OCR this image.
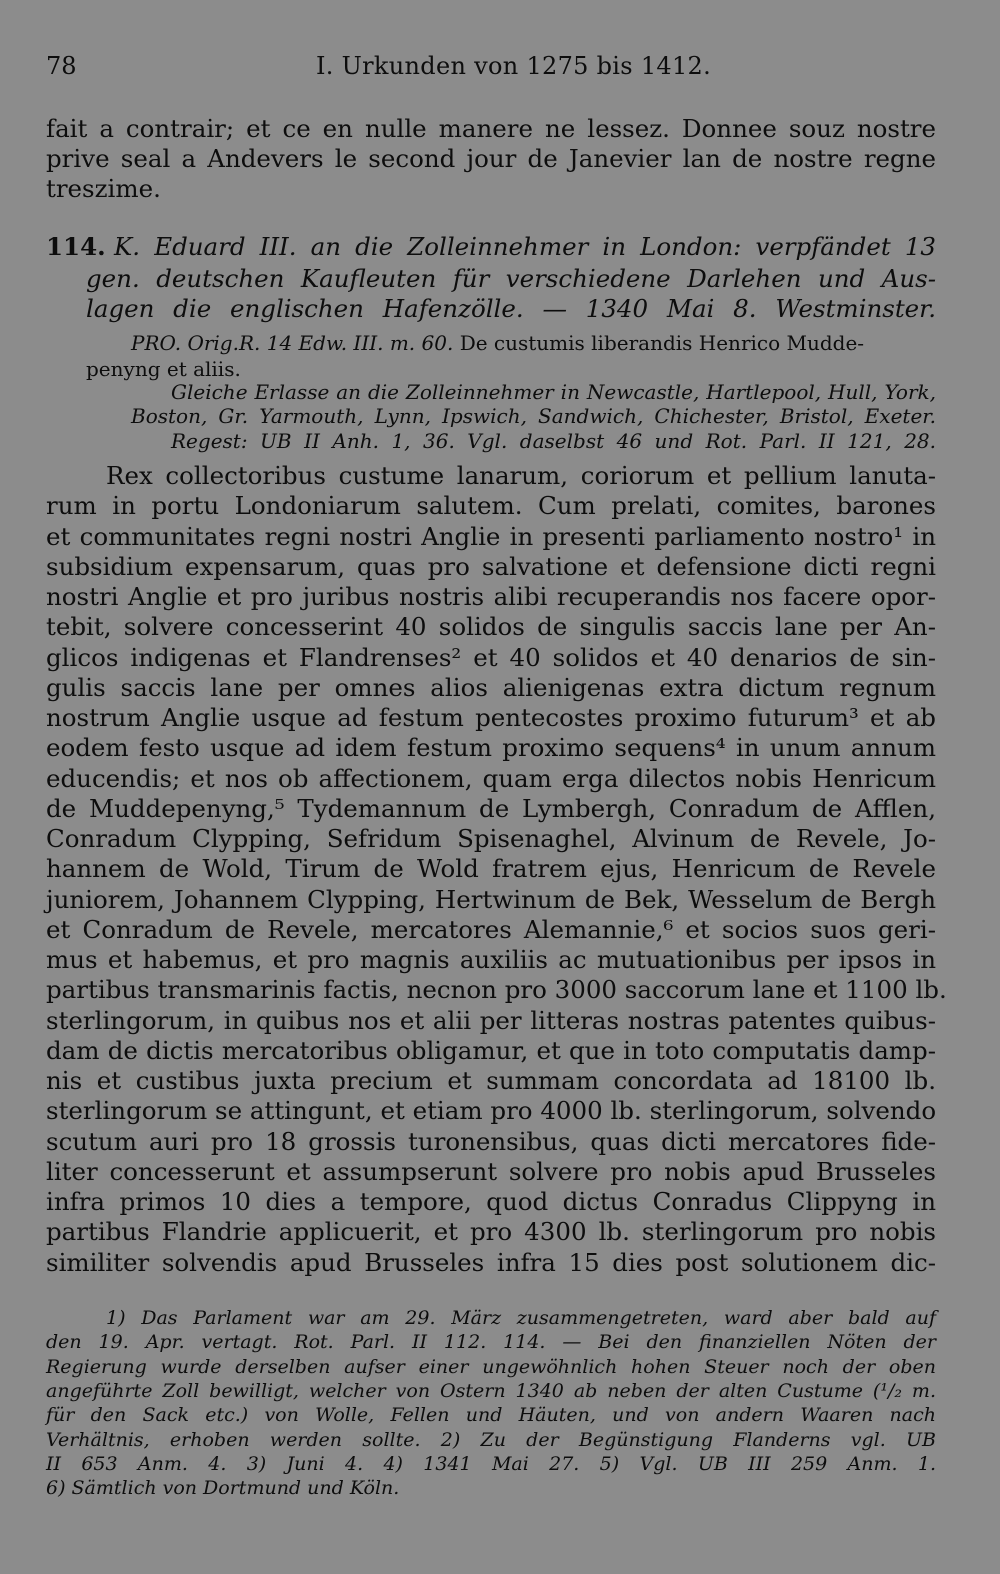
78	I. Urkunden von 1275 bis 1412.
fait a contrair; et ce en nulle manere ne lessez. Donnee souz nostre
prive seal a Andevers le second jour de Janevier lan de nostre regne
treszime.
114. K. Eduard III. an die Zolleinnehmer in London: verpfändet 13
gen. deutschen Kaufleuten für verschiedene Darlehen und Aus-
lagen die englischen Hafenzölle. — 1340 Mai 8. Westminster.
PRO. Orig.R. 14 Edw. III. m. 60. De custumis liberandis Henrico Mudde-
penyng et aliis.
Gleiche Erlasse an die Zolleinnehmer in Newcastle, Hartlepool, Hull, York,
Boston, Gr. Yarmouth, Lynn, Ipswich, Sandwich, Chichester, Bristol, Exeter.
Regest: UB II Anh. 1, 36. Vgl. daselbst 46 und Rot. Parl. II 121, 28.
Rex collectoribus custume lanarum, coriorum et pellium lanuta-
rum in portu Londoniarum salutem. Cum prelati, comites, barones
et communitates regni nostri Anglie in presenti parliamento nostro¹ in
subsidium expensarum, quas pro salvatione et defensione dicti regni
nostri Anglie et pro juribus nostris alibi recuperandis nos facere opor-
tebit, solvere concesserint 40 solidos de singulis saccis lane per An-
glicos indigenas et Flandrenses² et 40 solidos et 40 denarios de sin-
gulis saccis lane per omnes alios alienigenas extra dictum regnum
nostrum Anglie usque ad festum pentecostes proximo futurum³ et ab
eodem festo usque ad idem festum proximo sequens⁴ in unum annum
educendis; et nos ob affectionem, quam erga dilectos nobis Henricum
de Muddepenyng,⁵ Tydemannum de Lymbergh, Conradum de Afflen,
Conradum Clypping, Sefridum Spisenaghel, Alvinum de Revele, Jo-
hannem de Wold, Tirum de Wold fratrem ejus, Henricum de Revele
juniorem, Johannem Clypping, Hertwinum de Bek, Wesselum de Bergh
et Conradum de Revele, mercatores Alemannie,⁶ et socios suos geri-
mus et habemus, et pro magnis auxiliis ac mutuationibus per ipsos in
partibus transmarinis factis, necnon pro 3000 saccorum lane et 1100 lb.
sterlingorum, in quibus nos et alii per litteras nostras patentes quibus-
dam de dictis mercatoribus obligamur, et que in toto computatis damp-
nis et custibus juxta precium et summam concordata ad 18100 lb.
sterlingorum se attingunt, et etiam pro 4000 lb. sterlingorum, solvendo
scutum auri pro 18 grossis turonensibus, quas dicti mercatores fide-
liter concesserunt et assumpserunt solvere pro nobis apud Brusseles
infra primos 10 dies a tempore, quod dictus Conradus Clippyng in
partibus Flandrie applicuerit, et pro 4300 lb. sterlingorum pro nobis
similiter solvendis apud Brusseles infra 15 dies post solutionem dic-
1) Das Parlament war am 29. März zusammengetreten, ward aber bald auf
den 19. Apr. vertagt. Rot. Parl. II 112. 114. — Bei den finanziellen Nöten der
Regierung wurde derselben aufser einer ungewöhnlich hohen Steuer noch der oben
angeführte Zoll bewilligt, welcher von Ostern 1340 ab neben der alten Custume (¹/₂ m.
für den Sack etc.) von Wolle, Fellen und Häuten, und von andern Waaren nach
Verhältnis, erhoben werden sollte. 2) Zu der Begünstigung Flanderns vgl. UB
II 653 Anm. 4. 3) Juni 4. 4) 1341 Mai 27. 5) Vgl. UB III 259 Anm. 1.
6) Sämtlich von Dortmund und Köln.
